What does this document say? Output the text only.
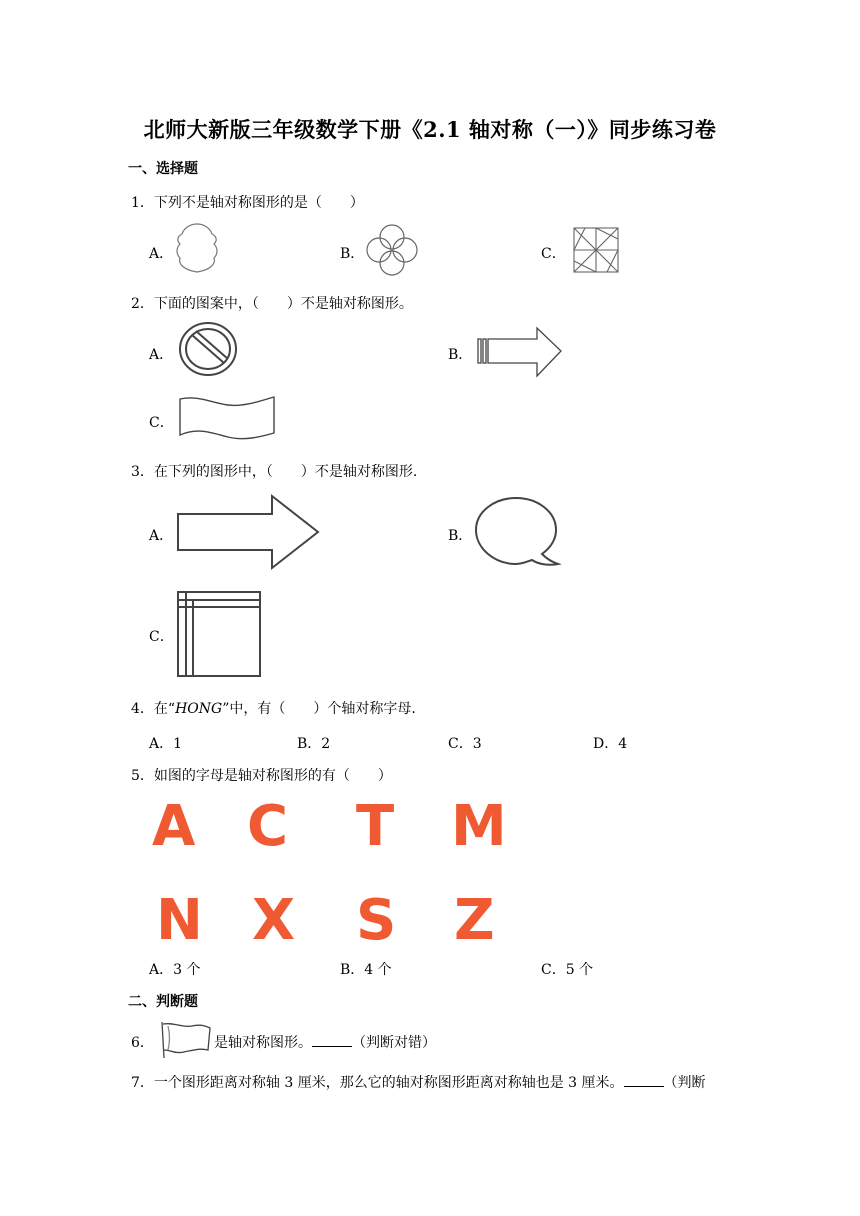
北师大新版三年级数学下册《2.1 轴对称（一）》同步练习卷
一、选择题
1．下列不是轴对称图形的是（　　）
A．	B．	C．
2．下面的图案中，（　　）不是轴对称图形。
A．	B．
C．
3．在下列的图形中，（　　）不是轴对称图形.
A．	B．
C．
4．在“HONG”中，有（　　）个轴对称字母.
A．1	B．2	C．3	D．4
5．如图的字母是轴对称图形的有（　　）
A C T M
N X S Z
A．3 个	B．4 个	C．5 个
二、判断题
6．	是轴对称图形。	（判断对错）
7．一个图形距离对称轴 3 厘米，那么它的轴对称图形距离对称轴也是 3 厘米。	（判断
